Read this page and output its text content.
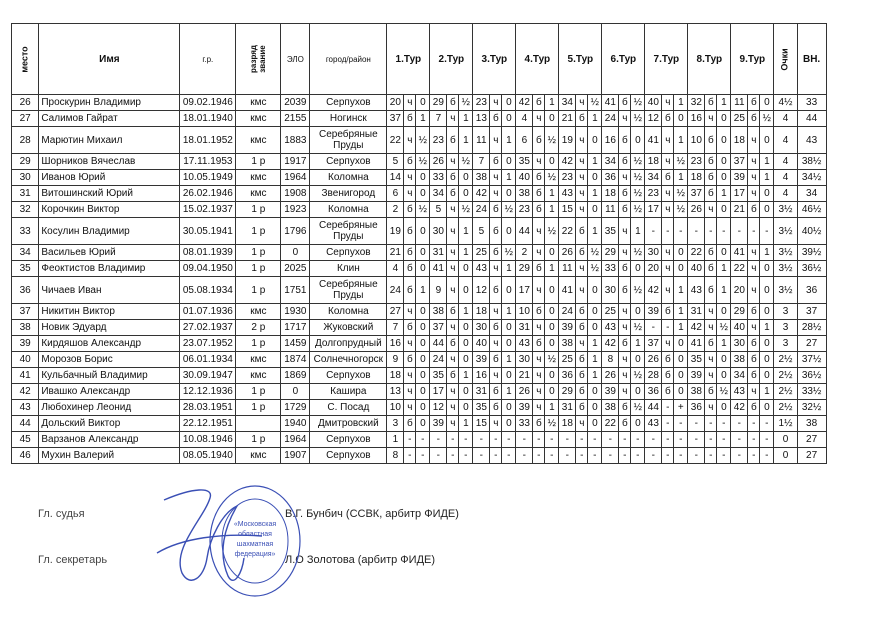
место	Имя	г.р.	разряд звание	ЭЛО	город/район	1.Тур			2.Тур			3.Тур			4.Тур			5.Тур			6.Тур			7.Тур			8.Тур			9.Тур			Очки	ВН.
26	Проскурин Владимир	09.02.1946	кмс	2039	Серпухов	20	ч	0	29	б	½	23	ч	0	42	б	1	34	ч	½	41	б	½	40	ч	1	32	б	1	11	б	0	4½	33
27	Салимов Гайрат	18.01.1940	кмс	2155	Ногинск	37	б	1	7	ч	1	13	б	0	4	ч	0	21	б	1	24	ч	½	12	б	0	16	ч	0	25	б	½	4	44
28	Марютин Михаил	18.01.1952	кмс	1883	Серебряные Пруды	22	ч	½	23	б	1	11	ч	1	6	б	½	19	ч	0	16	б	0	41	ч	1	10	б	0	18	ч	0	4	43
29	Шорников Вячеслав	17.11.1953	1 р	1917	Серпухов	5	б	½	26	ч	½	7	б	0	35	ч	0	42	ч	1	34	б	½	18	ч	½	23	б	0	37	ч	1	4	38½
30	Иванов Юрий	10.05.1949	кмс	1964	Коломна	14	ч	0	33	б	0	38	ч	1	40	б	½	23	ч	0	36	ч	½	34	б	1	18	б	0	39	ч	1	4	34½
31	Витошинский Юрий	26.02.1946	кмс	1908	Звенигород	6	ч	0	34	б	0	42	ч	0	38	б	1	43	ч	1	18	б	½	23	ч	½	37	б	1	17	ч	0	4	34
32	Корочкин Виктор	15.02.1937	1 р	1923	Коломна	2	б	½	5	ч	½	24	б	½	23	б	1	15	ч	0	11	б	½	17	ч	½	26	ч	0	21	б	0	3½	46½
33	Косулин Владимир	30.05.1941	1 р	1796	Серебряные Пруды	19	б	0	30	ч	1	5	б	0	44	ч	½	22	б	1	35	ч	1	-	-	-	-	-	-	-	-	-	3½	40½
34	Васильев Юрий	08.01.1939	1 р	0	Серпухов	21	б	0	31	ч	1	25	б	½	2	ч	0	26	б	½	29	ч	½	30	ч	0	22	б	0	41	ч	1	3½	39½
35	Феоктистов Владимир	09.04.1950	1 р	2025	Клин	4	б	0	41	ч	0	43	ч	1	29	б	1	11	ч	½	33	б	0	20	ч	0	40	б	1	22	ч	0	3½	36½
36	Чичаев Иван	05.08.1934	1 р	1751	Серебряные Пруды	24	б	1	9	ч	0	12	б	0	17	ч	0	41	ч	0	30	б	½	42	ч	1	43	б	1	20	ч	0	3½	36
37	Никитин Виктор	01.07.1936	кмс	1930	Коломна	27	ч	0	38	б	1	18	ч	1	10	б	0	24	б	0	25	ч	0	39	б	1	31	ч	0	29	б	0	3	37
38	Новик Эдуард	27.02.1937	2 р	1717	Жуковский	7	б	0	37	ч	0	30	б	0	31	ч	0	39	б	0	43	ч	½	-	-	1	42	ч	½	40	ч	1	3	28½
39	Кирдяшов Александр	23.07.1952	1 р	1459	Долгопрудный	16	ч	0	44	б	0	40	ч	0	43	б	0	38	ч	1	42	б	1	37	ч	0	41	б	1	30	б	0	3	27
40	Морозов Борис	06.01.1934	кмс	1874	Солнечногорск	9	б	0	24	ч	0	39	б	1	30	ч	½	25	б	1	8	ч	0	26	б	0	35	ч	0	38	б	0	2½	37½
41	Кульбачный Владимир	30.09.1947	кмс	1869	Серпухов	18	ч	0	35	б	1	16	ч	0	21	ч	0	36	б	1	26	ч	½	28	б	0	39	ч	0	34	б	0	2½	36½
42	Ивашко Александр	12.12.1936	1 р	0	Кашира	13	ч	0	17	ч	0	31	б	1	26	ч	0	29	б	0	39	ч	0	36	б	0	38	б	½	43	ч	1	2½	33½
43	Любохинер Леонид	28.03.1951	1 р	1729	С. Посад	10	ч	0	12	ч	0	35	б	0	39	ч	1	31	б	0	38	б	½	44	-	+	36	ч	0	42	б	0	2½	32½
44	Дольский Виктор	22.12.1951		1940	Дмитровский	3	б	0	39	ч	1	15	ч	0	33	б	½	18	ч	0	22	б	0	43	-	-	-	-	-	-	-	-	1½	38
45	Варзанов Александр	10.08.1946	1 р	1964	Серпухов	1	-	-	-	-	-	-	-	-	-	-	-	-	-	-	-	-	-	-	-	-	-	-	-	-	-	-	0	27
46	Мухин Валерий	08.05.1940	кмс	1907	Серпухов	8	-	-	-	-	-	-	-	-	-	-	-	-	-	-	-	-	-	-	-	-	-	-	-	-	-	-	0	27
Гл. судья	В.Г. Бунбич (ССВК, арбитр ФИДЕ)
Гл. секретарь	Л.О Золотова (арбитр ФИДЕ)
«Московская
областная
шахматная
федерация»
